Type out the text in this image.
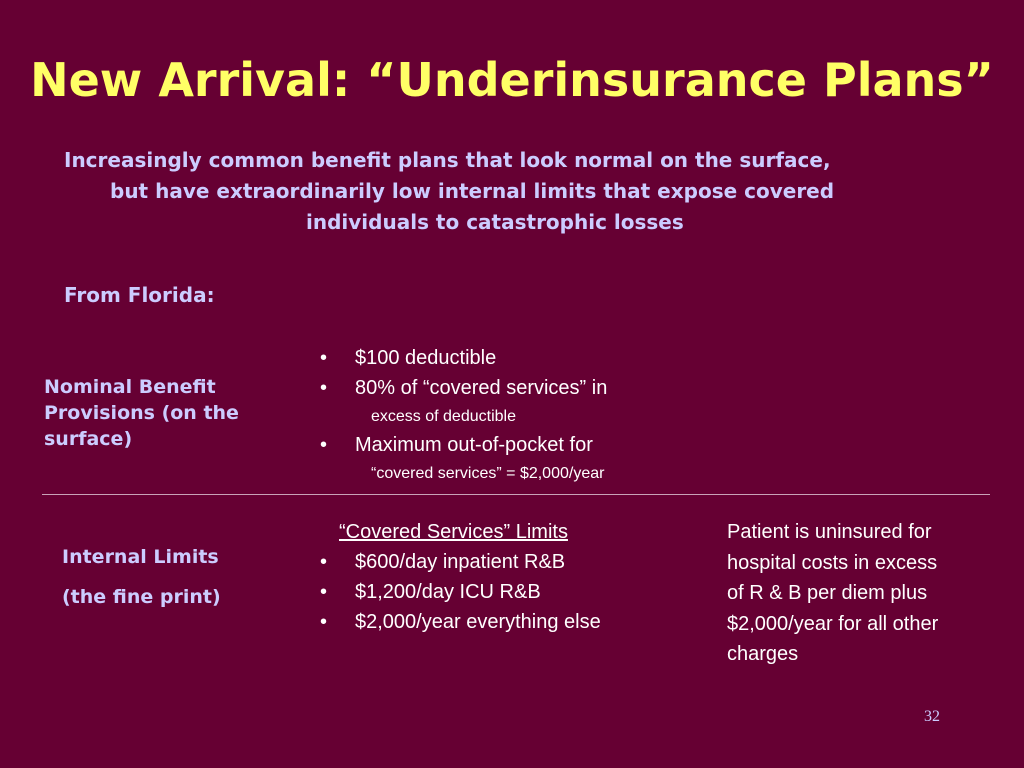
New Arrival: “Underinsurance Plans”
Increasingly common benefit plans that look normal on the surface,
but have extraordinarily low internal limits that expose covered
individuals to catastrophic losses
From Florida:
Nominal Benefit
Provisions (on the
surface)
• $100 deductible
• 80% of “covered services” in
excess of deductible
• Maximum out-of-pocket for
“covered services” = $2,000/year
Internal Limits
(the fine print)
“Covered Services” Limits
• $600/day inpatient R&B
• $1,200/day ICU R&B
• $2,000/year everything else
Patient is uninsured for
hospital costs in excess
of R & B per diem plus
$2,000/year for all other
charges
32
